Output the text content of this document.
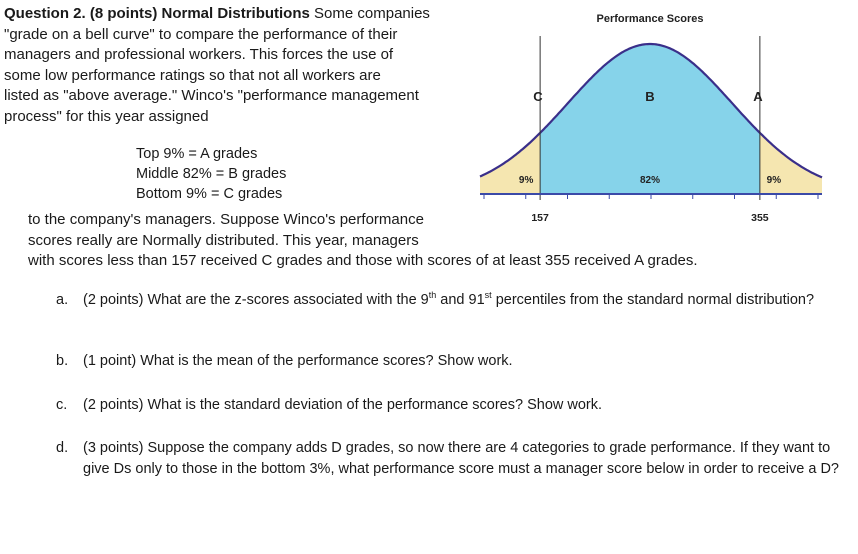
Question 2. (8 points) Normal Distributions Some companies
"grade on a bell curve" to compare the performance of their
managers and professional workers. This forces the use of
some low performance ratings so that not all workers are
listed as "above average." Winco's "performance management
process" for this year assigned
Top 9% = A grades
Middle 82% = B grades
Bottom 9% = C grades
to the company's managers. Suppose Winco's performance
scores really are Normally distributed. This year, managers
with scores less than 157 received C grades and those with scores of at least 355 received A grades.
a.	(2 points) What are the z-scores associated with the 9th and 91st percentiles from the standard normal distribution?
b.	(1 point) What is the mean of the performance scores? Show work.
c.	(2 points) What is the standard deviation of the performance scores? Show work.
d.	(3 points) Suppose the company adds D grades, so now there are 4 categories to grade performance. If they want to give Ds only to those in the bottom 3%, what performance score must a manager score below in order to receive a D?
Performance Scores
C	B	A
9%	82%	9%
157	355
